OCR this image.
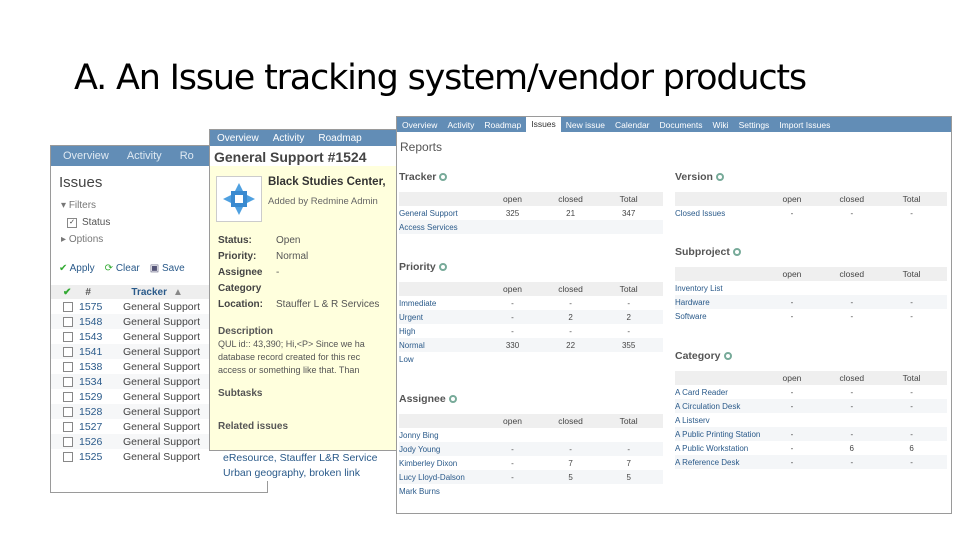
A. An Issue tracking system/vendor products
Overview	Activity	Ro
Issues
▾ Filters
✓ Status
▸ Options
✔ Apply ⟳ Clear ▣ Save
✔ #	Tracker ▲
1575	General Support
1548	General Support
1543	General Support
1541	General Support
1538	General Support
1534	General Support
1529	General Support
1528	General Support
1527	General Support
1526	General Support
1525	General Support
Overview	Activity	Roadmap
General Support #1524
Black Studies Center,
Added by Redmine Admin
Status:	Open
Priority:	Normal
Assignee	-
Category
Location:	Stauffer L & R Services
Description
QUL id:: 43,390; Hi,<P> Since we ha
database record created for this rec
access or something like that. Than
Subtasks
Related issues
eResource, Stauffer L&R Service
Urban geography, broken link
Overview	Activity	Roadmap	Issues	New issue	Calendar	Documents	Wiki	Settings	Import Issues
Reports
Tracker
open	closed	Total
General Support	325	21	347
Access Services
Priority
open	closed	Total
Immediate	-	-	-
Urgent	-	2	2
High	-	-	-
Normal	330	22	355
Low
Assignee
open	closed	Total
Jonny Bing
Jody Young	-	-	-
Kimberley Dixon	-	7	7
Lucy Lloyd-Dalson	-	5	5
Mark Burns
Version
open	closed	Total
Closed Issues	-	-	-
Subproject
open	closed	Total
Inventory List
Hardware	-	-	-
Software	-	-	-
Category
open	closed	Total
A Card Reader	-	-	-
A Circulation Desk	-	-	-
A Listserv
A Public Printing Station	-	-	-
A Public Workstation	-	6	6
A Reference Desk	-	-	-
